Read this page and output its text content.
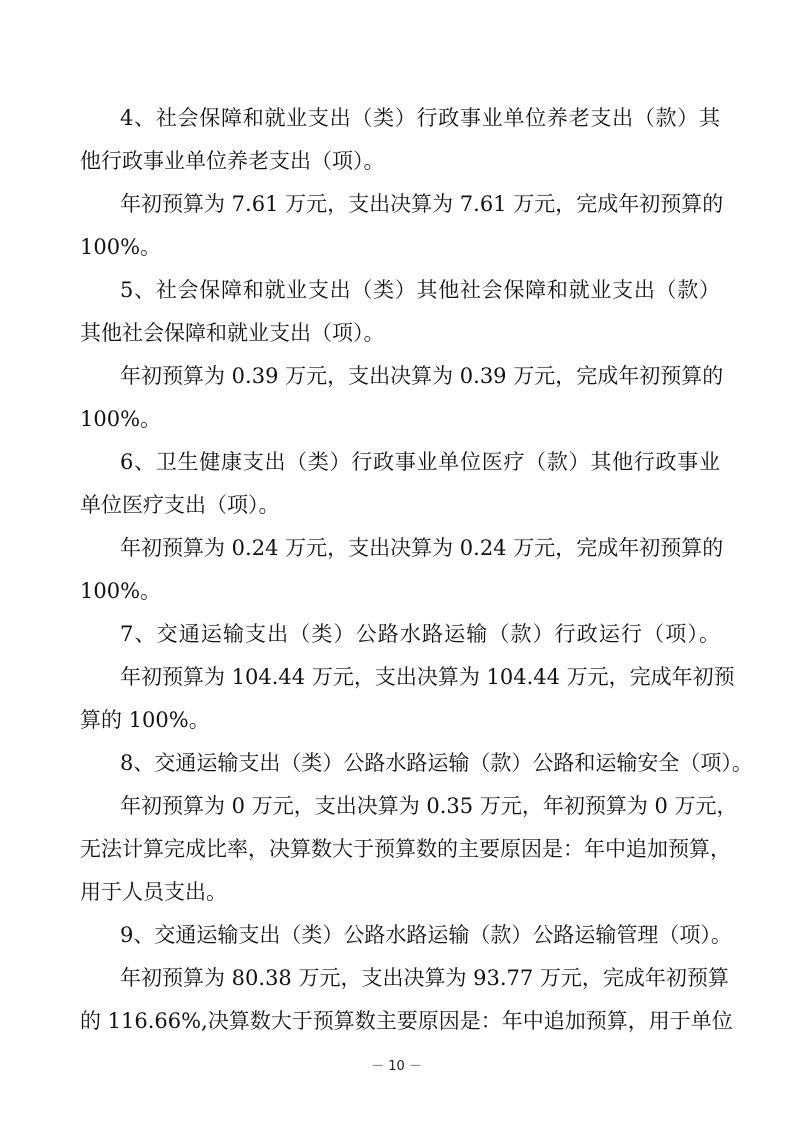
4、社会保障和就业支出（类）行政事业单位养老支出（款）其
他行政事业单位养老支出（项）。
年初预算为 7.61 万元，支出决算为 7.61 万元，完成年初预算的
100%。
5、社会保障和就业支出（类）其他社会保障和就业支出（款）
其他社会保障和就业支出（项）。
年初预算为 0.39 万元，支出决算为 0.39 万元，完成年初预算的
100%。
6、卫生健康支出（类）行政事业单位医疗（款）其他行政事业
单位医疗支出（项）。
年初预算为 0.24 万元，支出决算为 0.24 万元，完成年初预算的
100%。
7、交通运输支出（类）公路水路运输（款）行政运行（项）。
年初预算为 104.44 万元，支出决算为 104.44 万元，完成年初预
算的 100%。
8、交通运输支出（类）公路水路运输（款）公路和运输安全（项）。
年初预算为 0 万元，支出决算为 0.35 万元，年初预算为 0 万元，
无法计算完成比率，决算数大于预算数的主要原因是：年中追加预算，
用于人员支出。
9、交通运输支出（类）公路水路运输（款）公路运输管理（项）。
年初预算为 80.38 万元，支出决算为 93.77 万元，完成年初预算
的 116.66%,决算数大于预算数主要原因是：年中追加预算，用于单位
－ 10 －
